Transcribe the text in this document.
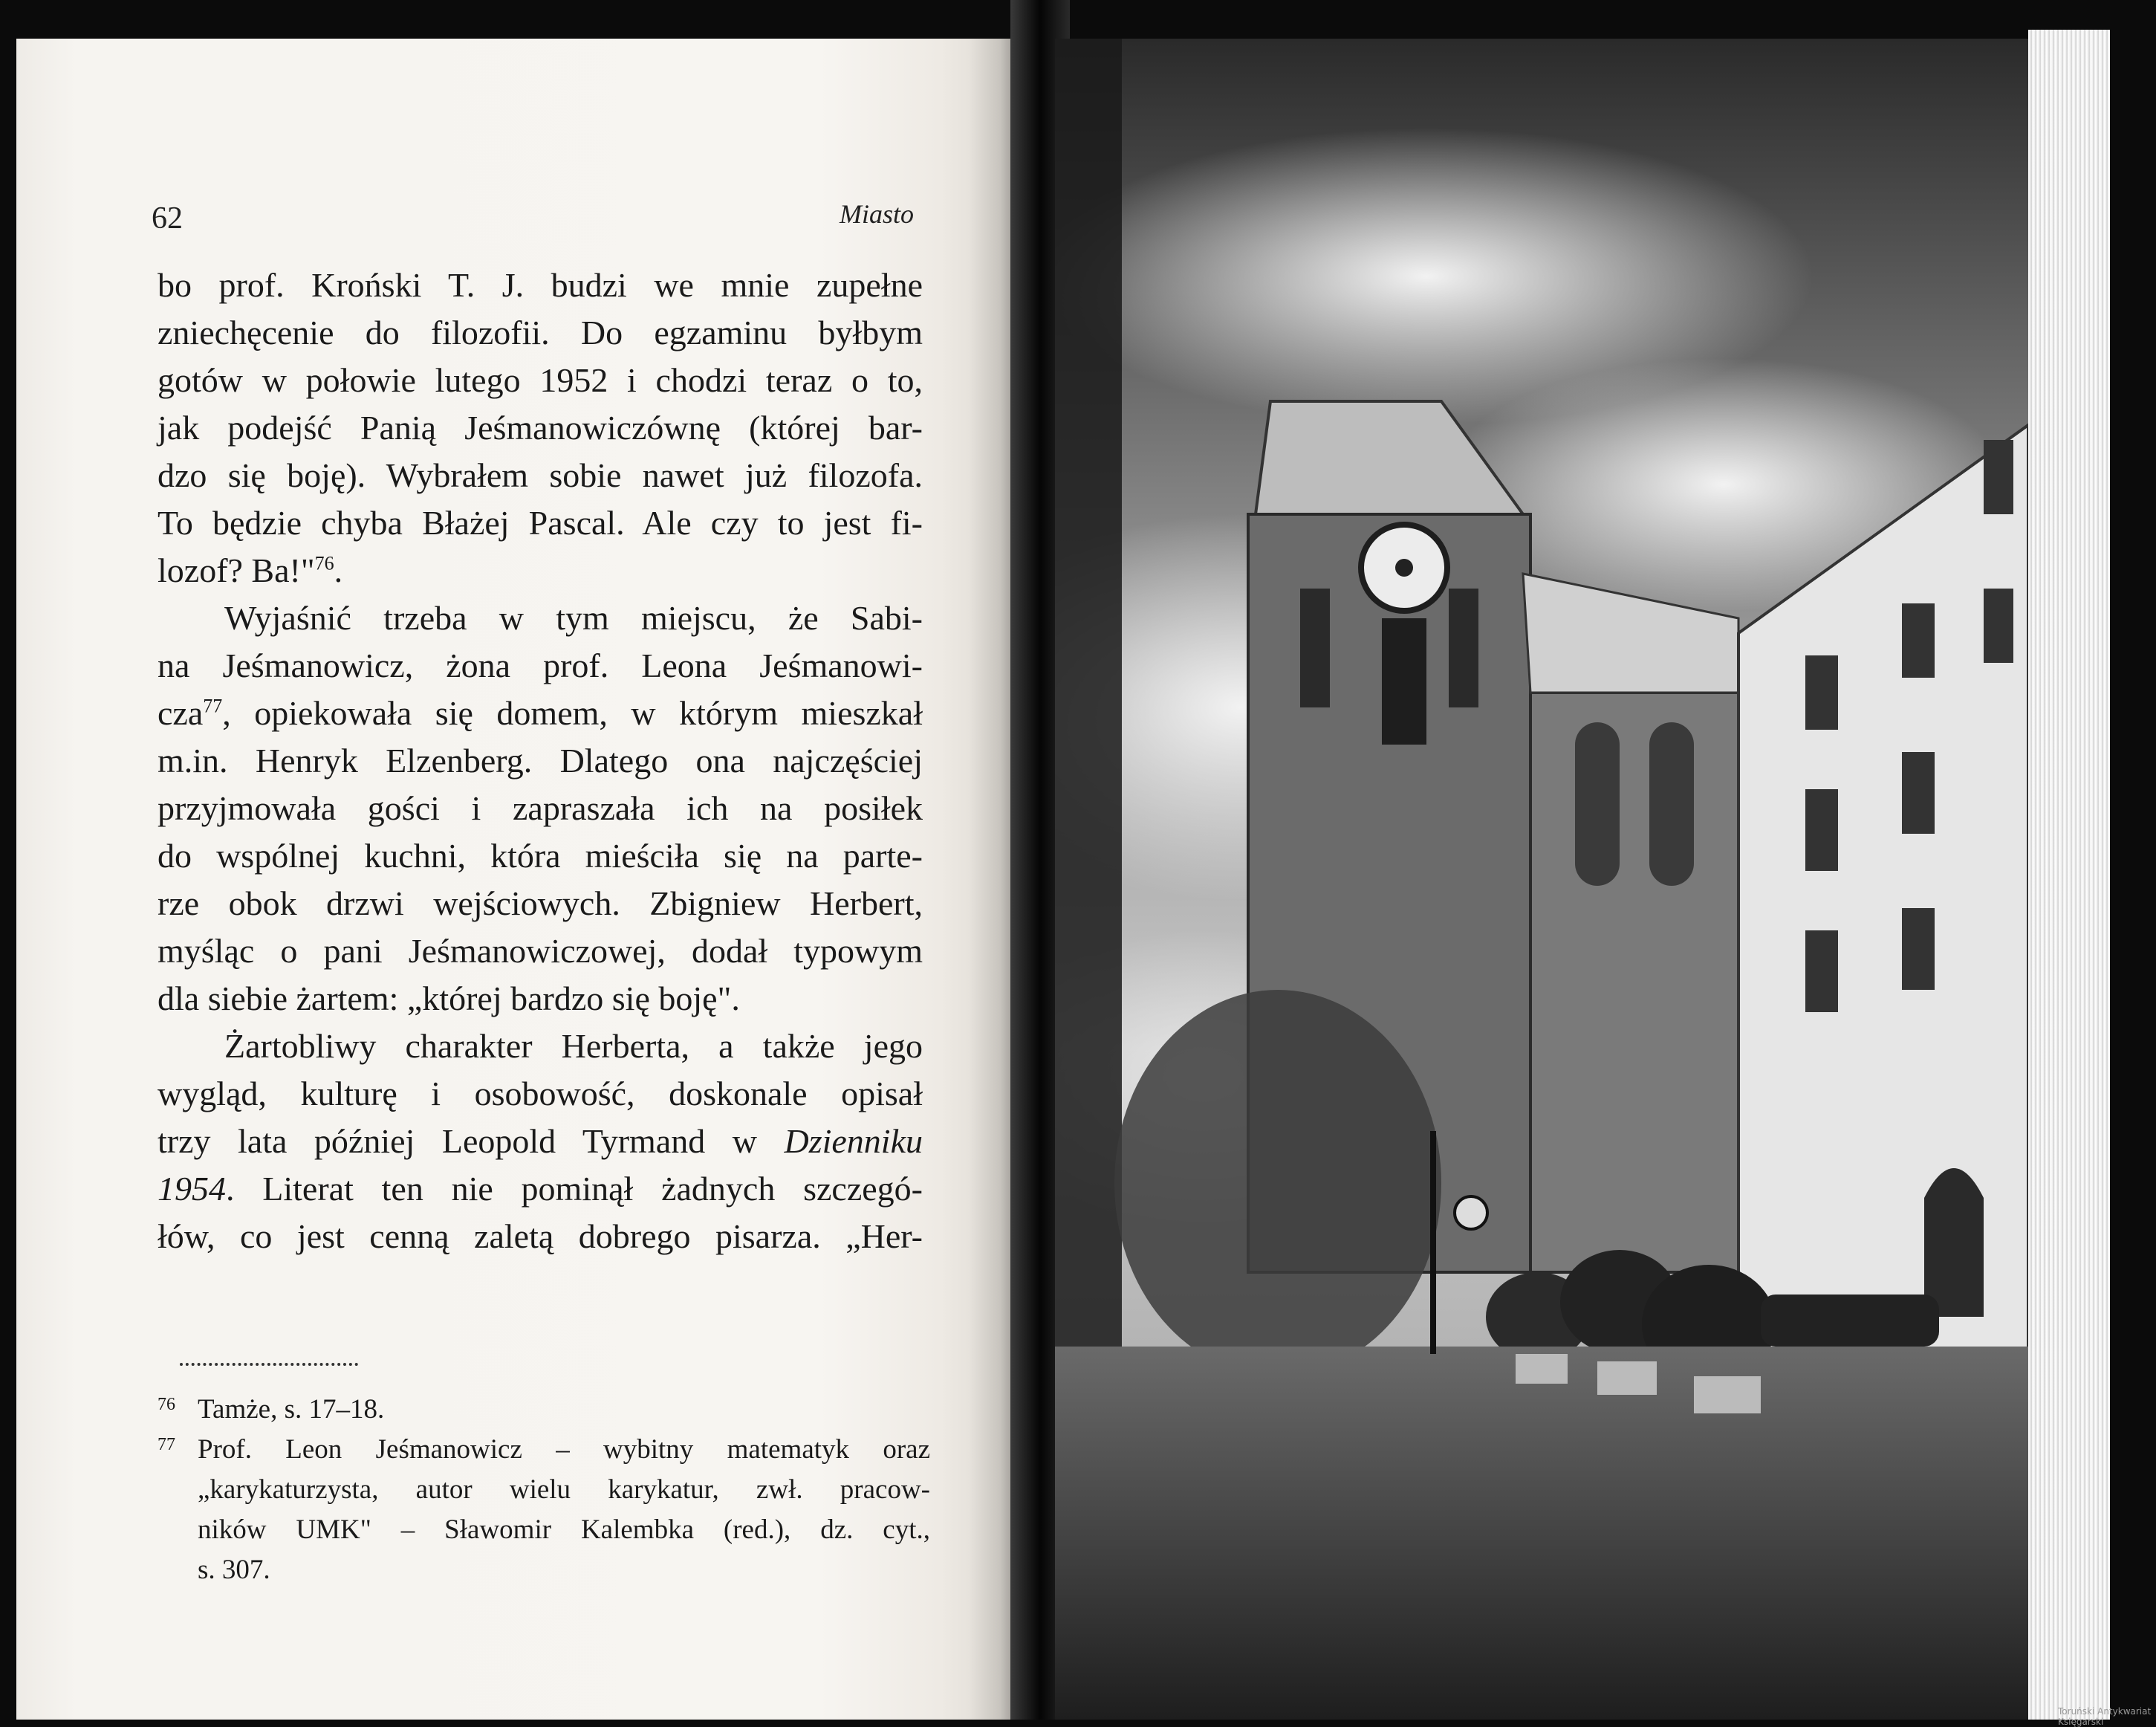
62	Miasto
bo prof. Kroński T. J. budzi we mnie zupełne
zniechęcenie do filozofii. Do egzaminu byłbym
gotów w połowie lutego 1952 i chodzi teraz o to,
jak podejść Panią Jeśmanowiczównę (której bar-
dzo się boję). Wybrałem sobie nawet już filozofa.
To będzie chyba Błażej Pascal. Ale czy to jest fi-
lozof? Ba!"$^{76}$.
Wyjaśnić trzeba w tym miejscu, że Sabi-
na Jeśmanowicz, żona prof. Leona Jeśmanowi-
cza$^{77}$, opiekowała się domem, w którym mieszkał
m.in. Henryk Elzenberg. Dlatego ona najczęściej
przyjmowała gości i zapraszała ich na posiłek
do wspólnej kuchni, która mieściła się na parte-
rze obok drzwi wejściowych. Zbigniew Herbert,
myśląc o pani Jeśmanowiczowej, dodał typowym
dla siebie żartem: „której bardzo się boję".
Żartobliwy charakter Herberta, a także jego
wygląd, kulturę i osobowość, doskonale opisał
trzy lata później Leopold Tyrmand w Dzienniku
1954. Literat ten nie pominął żadnych szczegó-
łów, co jest cenną zaletą dobrego pisarza. „Her-
76 Tamże, s. 17–18.
77 Prof. Leon Jeśmanowicz – wybitny matematyk oraz
„karykaturzysta, autor wielu karykatur, zwł. pracow-
ników UMK" – Sławomir Kalembka (red.), dz. cyt.,
s. 307.
Toruński Antykwariat Księgarski
